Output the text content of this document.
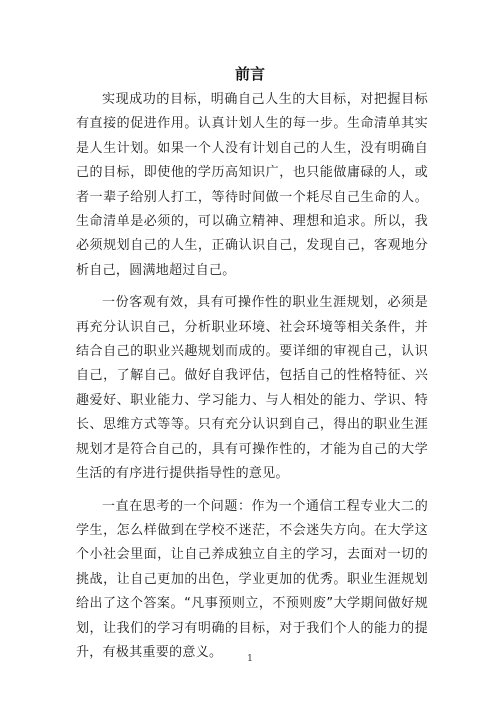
前言

实现成功的目标，明确自己人生的大目标，对把握目标有直接的促进作用。认真计划人生的每一步。生命清单其实是人生计划。如果一个人没有计划自己的人生，没有明确自己的目标，即使他的学历高知识广，也只能做庸碌的人，或者一辈子给别人打工，等待时间做一个耗尽自己生命的人。生命清单是必须的，可以确立精神、理想和追求。所以，我必须规划自己的人生，正确认识自己，发现自己，客观地分析自己，圆满地超过自己。

一份客观有效，具有可操作性的职业生涯规划，必须是再充分认识自己，分析职业环境、社会环境等相关条件，并结合自己的职业兴趣规划而成的。要详细的审视自己，认识自己，了解自己。做好自我评估，包括自己的性格特征、兴趣爱好、职业能力、学习能力、与人相处的能力、学识、特长、思维方式等等。只有充分认识到自己，得出的职业生涯规划才是符合自己的，具有可操作性的，才能为自己的大学生活的有序进行提供指导性的意见。

一直在思考的一个问题：作为一个通信工程专业大二的学生，怎么样做到在学校不迷茫，不会迷失方向。在大学这个小社会里面，让自己养成独立自主的学习，去面对一切的挑战，让自己更加的出色，学业更加的优秀。职业生涯规划给出了这个答案。“凡事预则立，不预则废”大学期间做好规划，让我们的学习有明确的目标，对于我们个人的能力的提升，有极其重要的意义。	1
